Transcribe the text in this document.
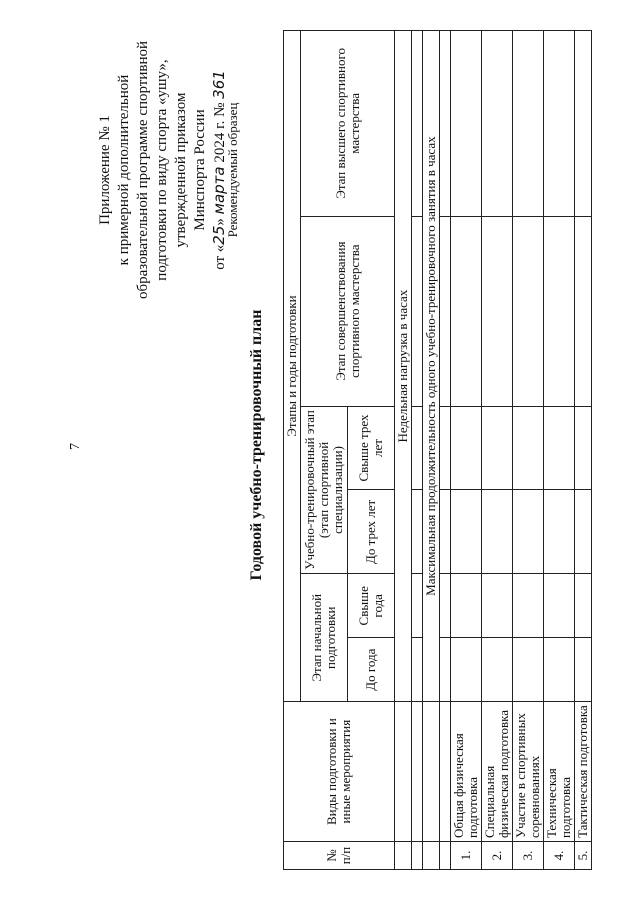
7
Приложение № 1 к примерной дополнительной образовательной программе спортивной подготовки по виду спорта «ушу», утвержденной приказом Минспорта России
от «25» марта 2024 г. № 361
Рекомендуемый образец
Годовой учебно-тренировочный план
№ п/п	Виды подготовки и иные мероприятия	Этапы и годы подготовки					
		Этап начальной подготовки		Учебно-тренировочный этап (этап спортивной специализации)		Этап совершенствования спортивного мастерства	Этап высшего спортивного мастерства
		До года	Свыше года	До трех лет	Свыше трех лет		
		Недельная нагрузка в часах					

		Максимальная продолжительность одного учебно-тренировочного занятия в часах					

1.	Общая физическая подготовка						
2.	Специальная физическая подготовка						
3.	Участие в спортивных соревнованиях						
4.	Техническая подготовка						
5.	Тактическая подготовка						
